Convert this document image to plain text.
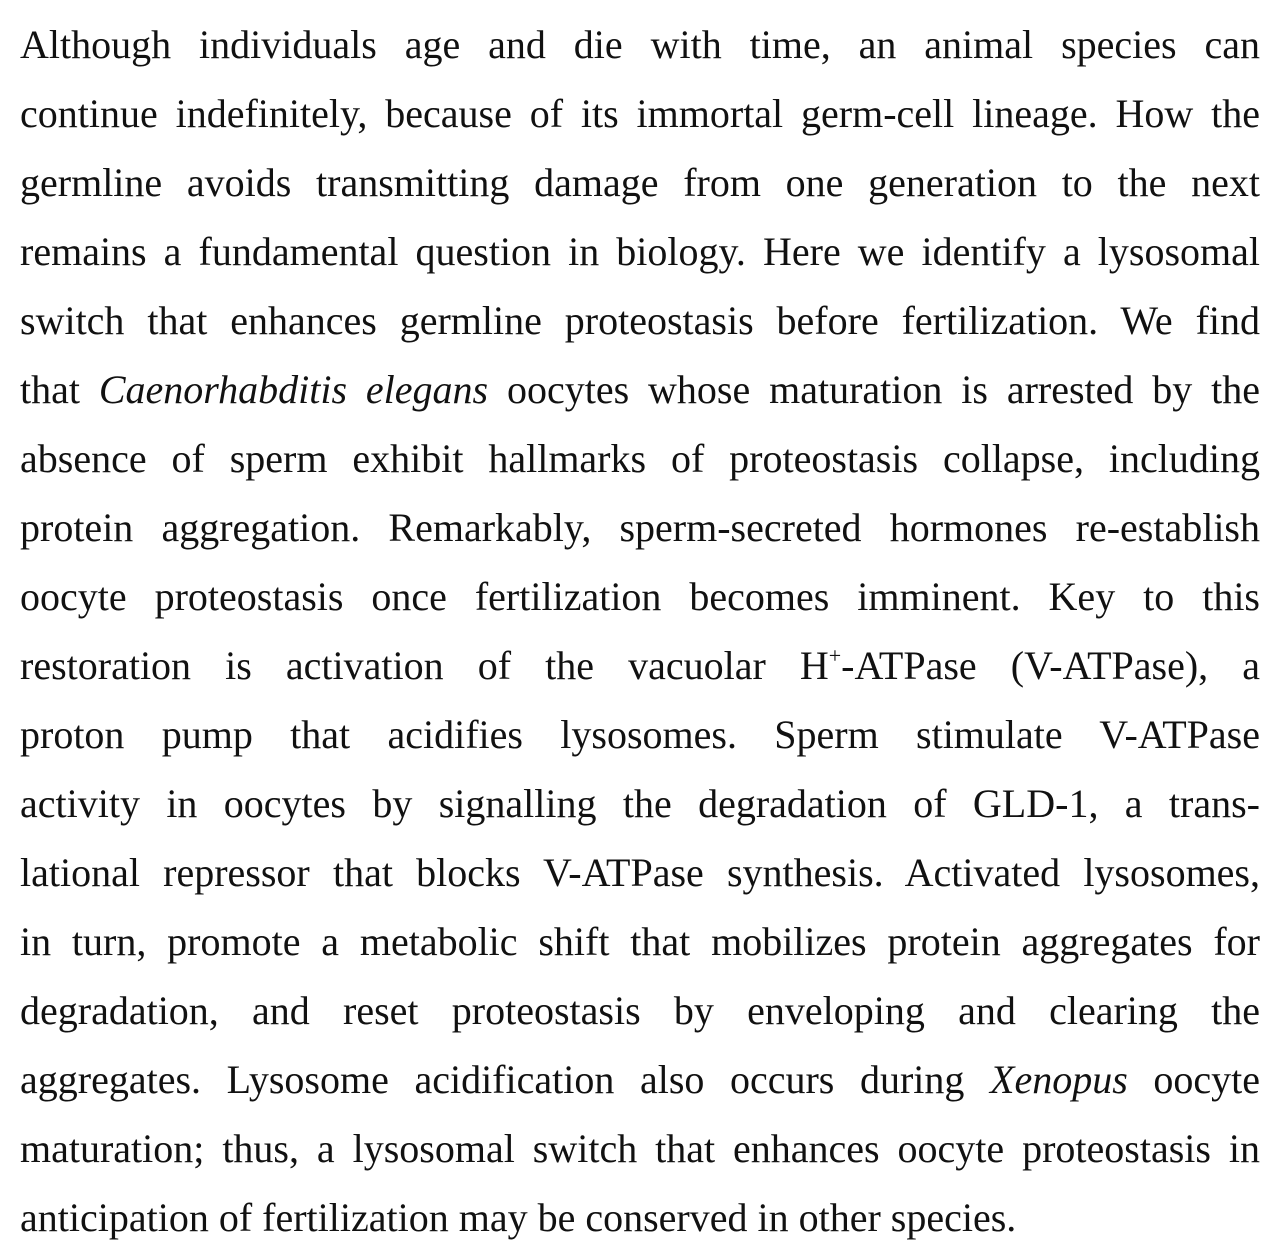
Although individuals age and die with time, an animal species can
continue indefinitely, because of its immortal germ-cell lineage. How the
germline avoids transmitting damage from one generation to the next
remains a fundamental question in biology. Here we identify a lysosomal
switch that enhances germline proteostasis before fertilization. We find
that Caenorhabditis elegans oocytes whose maturation is arrested by the
absence of sperm exhibit hallmarks of proteostasis collapse, including
protein aggregation. Remarkably, sperm-secreted hormones re-establish
oocyte proteostasis once fertilization becomes imminent. Key to this
restoration is activation of the vacuolar H+-ATPase (V-ATPase), a
proton pump that acidifies lysosomes. Sperm stimulate V-ATPase
activity in oocytes by signalling the degradation of GLD-1, a trans-
lational repressor that blocks V-ATPase synthesis. Activated lysosomes,
in turn, promote a metabolic shift that mobilizes protein aggregates for
degradation, and reset proteostasis by enveloping and clearing the
aggregates. Lysosome acidification also occurs during Xenopus oocyte
maturation; thus, a lysosomal switch that enhances oocyte proteostasis in
anticipation of fertilization may be conserved in other species.
